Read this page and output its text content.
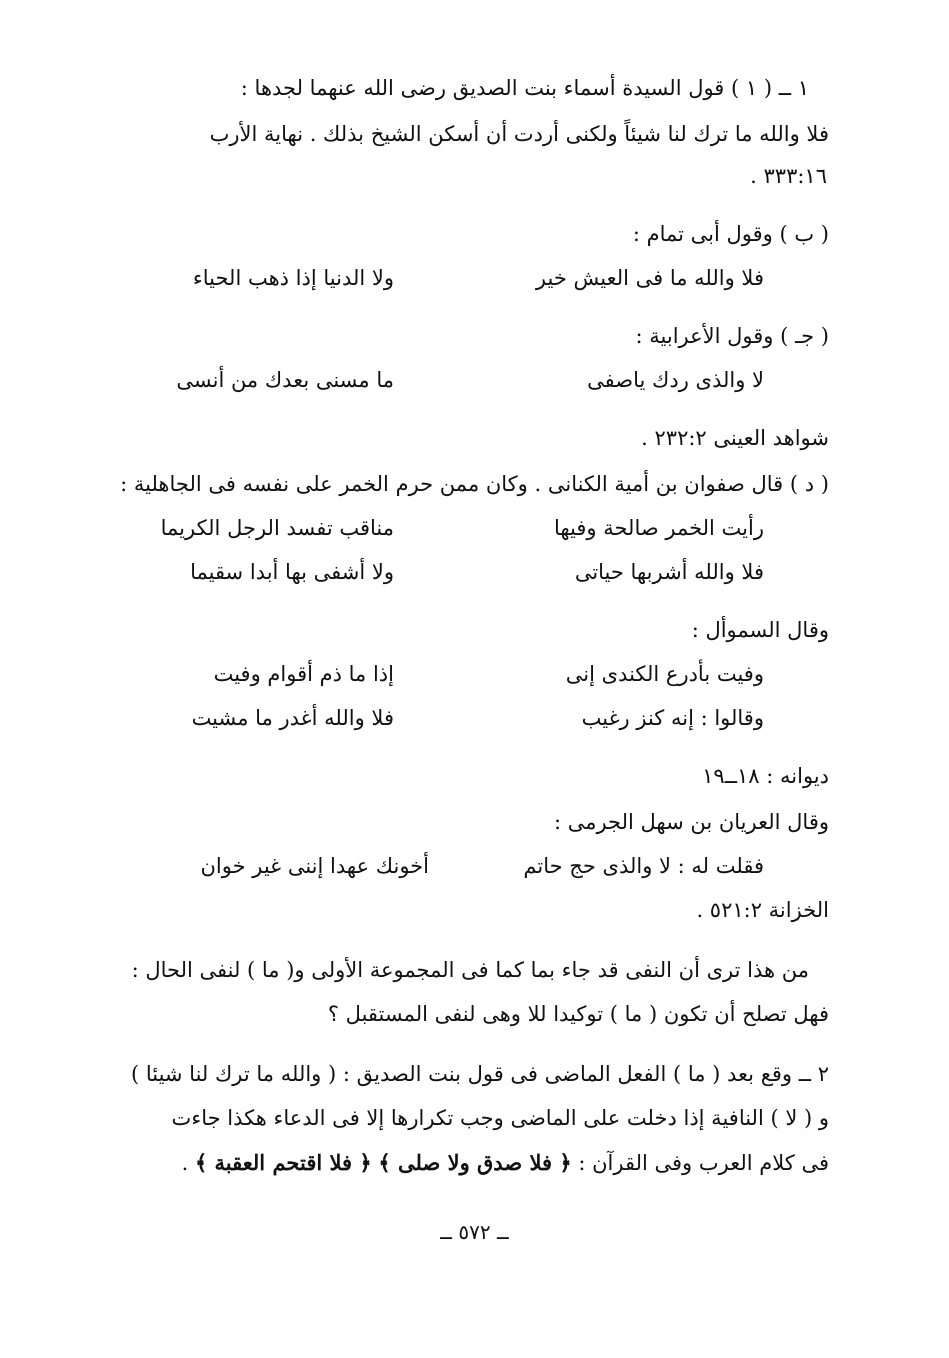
١ ــ ( ١ ) قول السيدة أسماء بنت الصديق رضى الله عنهما لجدها :
فلا والله ما ترك لنا شيئاً ولكنى أردت أن أسكن الشيخ بذلك . نهاية الأرب
٣٣٣:١٦ .
( ب ) وقول أبى تمام :
فلا والله ما فى العيش خير
ولا الدنيا إذا ذهب الحياء
( جـ ) وقول الأعرابية :
لا والذى ردك ياصفى
ما مسنى بعدك من أنسى
شواهد العينى ٢٣٢:٢ .
( د ) قال صفوان بن أمية الكنانى . وكان ممن حرم الخمر على نفسه فى الجاهلية :
رأيت الخمر صالحة وفيها
مناقب تفسد الرجل الكريما
فلا والله أشربها حياتى
ولا أشفى بها أبدا سقيما
وقال السموأل :
وفيت بأدرع الكندى إنى
إذا ما ذم أقوام وفيت
وقالوا : إنه كنز رغيب
فلا والله أغدر ما مشيت
ديوانه : ١٨ــ١٩
وقال العريان بن سهل الجرمى :
فقلت له : لا والذى حج حاتم
أخونك عهدا إننى غير خوان
الخزانة ٥٢١:٢ .
من هذا ترى أن النفى قد جاء بما كما فى المجموعة الأولى و( ما ) لنفى الحال :
فهل تصلح أن تكون ( ما ) توكيدا للا وهى لنفى المستقبل ؟
٢ ــ وقع بعد ( ما ) الفعل الماضى فى قول بنت الصديق : ( والله ما ترك لنا شيئا )
و ( لا ) النافية إذا دخلت على الماضى وجب تكرارها إلا فى الدعاء هكذا جاءت
فى كلام العرب وفى القرآن : ﴿ فلا صدق ولا صلى ﴾ ﴿ فلا اقتحم العقبة ﴾ .
ــ ٥٧٢ ــ
